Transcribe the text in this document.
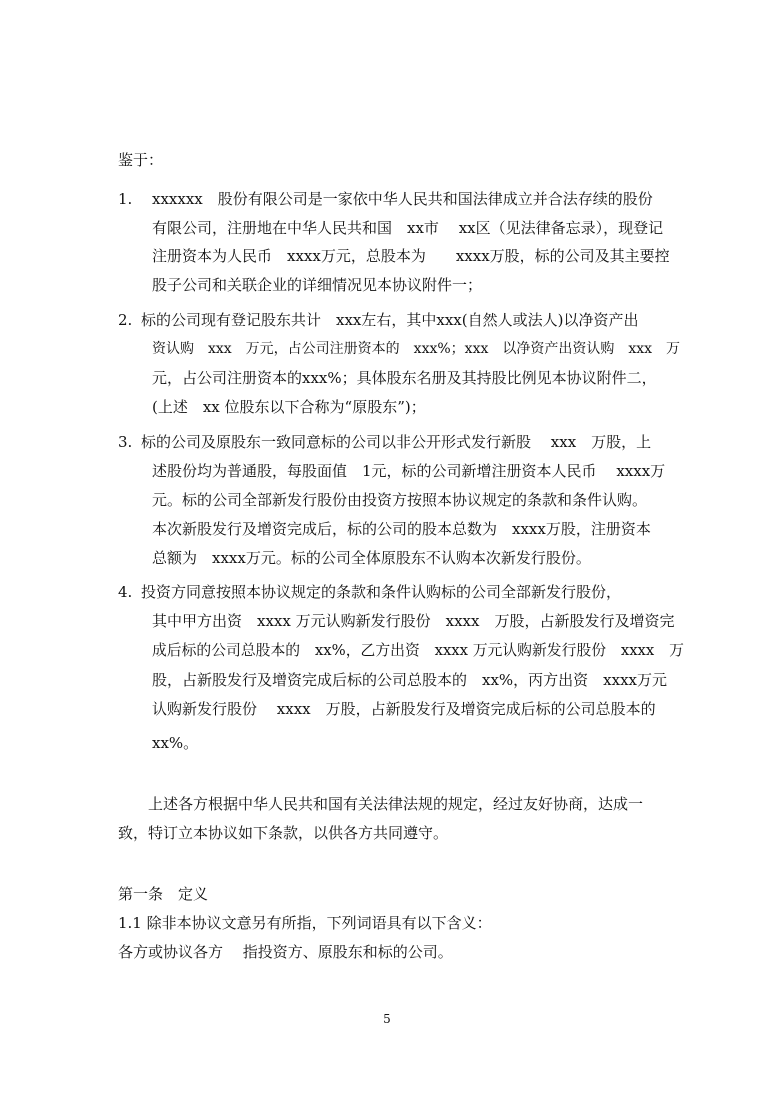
鉴于：
1. xxxxxx　股份有限公司是一家依中华人民共和国法律成立并合法存续的股份
有限公司，注册地在中华人民共和国　xx市　 xx区（见法律备忘录），现登记
注册资本为人民币　xxxx万元，总股本为　　xxxx万股，标的公司及其主要控
股子公司和关联企业的详细情况见本协议附件一；
2. 标的公司现有登记股东共计　xxx左右，其中xxx(自然人或法人)以净资产出
资认购　xxx　万元，占公司注册资本的　xxx%；xxx　以净资产出资认购　xxx　万
元，占公司注册资本的xxx%；具体股东名册及其持股比例见本协议附件二，
(上述　xx 位股东以下合称为“原股东”)；
3. 标的公司及原股东一致同意标的公司以非公开形式发行新股　 xxx　万股，上
述股份均为普通股，每股面值　1元，标的公司新增注册资本人民币　 xxxx万
元。标的公司全部新发行股份由投资方按照本协议规定的条款和条件认购。
本次新股发行及增资完成后，标的公司的股本总数为　xxxx万股，注册资本
总额为　xxxx万元。标的公司全体原股东不认购本次新发行股份。
4. 投资方同意按照本协议规定的条款和条件认购标的公司全部新发行股份，
其中甲方出资　xxxx 万元认购新发行股份　xxxx　万股，占新股发行及增资完
成后标的公司总股本的　xx%，乙方出资　xxxx 万元认购新发行股份　xxxx　万
股，占新股发行及增资完成后标的公司总股本的　xx%，丙方出资　xxxx万元
认购新发行股份　 xxxx　万股，占新股发行及增资完成后标的公司总股本的
xx%。
上述各方根据中华人民共和国有关法律法规的规定，经过友好协商，达成一
致，特订立本协议如下条款，以供各方共同遵守。
第一条　定义
1.1 除非本协议文意另有所指，下列词语具有以下含义：
各方或协议各方　 指投资方、原股东和标的公司。
5
